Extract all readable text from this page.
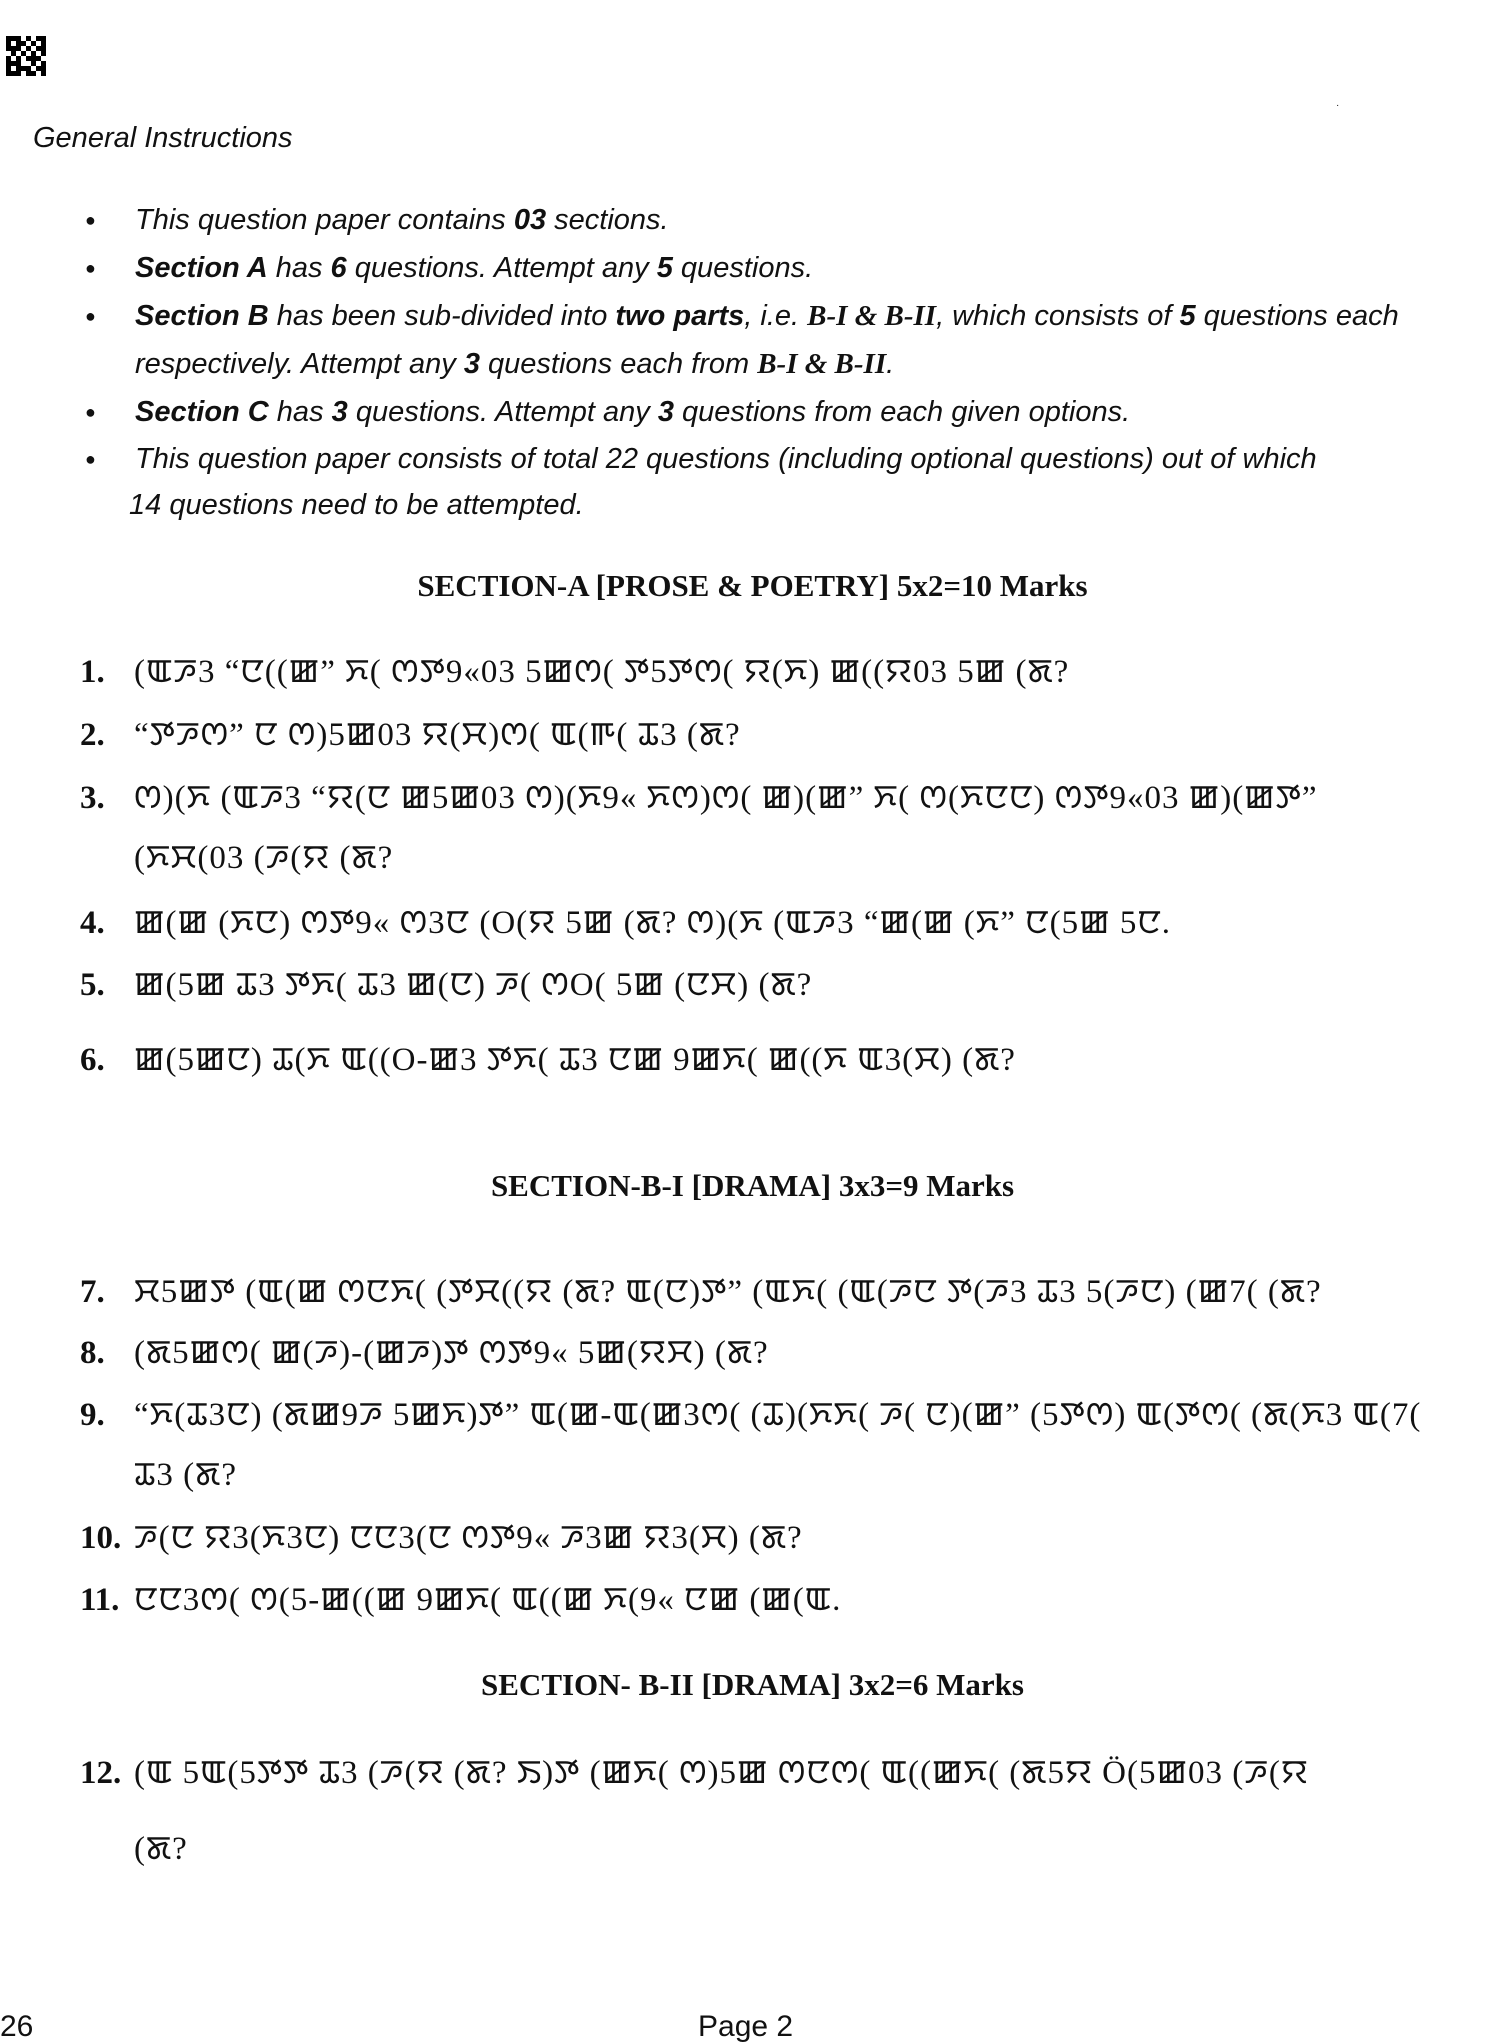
·
General Instructions
● This question paper contains 03 sections.
● Section A has 6 questions. Attempt any 5 questions.
● Section B has been sub-divided into two parts, i.e. B-I & B-II, which consists of 5 questions each
respectively. Attempt any 3 questions each from B-I & B-II.
● Section C has 3 questions. Attempt any 3 questions from each given options.
● This question paper consists of total 22 questions (including optional questions) out of which
14 questions need to be attempted.
SECTION-A [PROSE & POETRY] 5x2=10 Marks
1. (ꯑꯍ3 “ꯅ((ꯀ” ꯈ( ꯁꯇ9«03 5ꯀꯁ( ꯇ5ꯇꯁ( ꯌ(ꯈ) ꯀ((ꯌ03 5ꯀ (ꯗ?
2. “ꯇꯍꯁ” ꯅ ꯁ)5ꯀ03 ꯌ(ꯆ)ꯁ( ꯑ(ꯒ( ꯊ3 (ꯗ?
3. ꯁ)(ꯈ (ꯑꯍ3 “ꯌ(ꯅ ꯀ5ꯀ03 ꯁ)(ꯈ9« ꯈꯁ)ꯁ( ꯀ)(ꯀ” ꯈ( ꯁ(ꯈꯅꯅ) ꯁꯇ9«03 ꯀ)(ꯀꯇ”
(ꯈꯆ(03 (ꯍ(ꯌ (ꯗ?
4. ꯀ(ꯀ (ꯈꯅ) ꯁꯇ9« ꯁ3ꯅ (O(ꯌ 5ꯀ (ꯗ? ꯁ)(ꯈ (ꯑꯍ3 “ꯀ(ꯀ (ꯈ” ꯅ(5ꯀ 5ꯅ.
5. ꯀ(5ꯀ ꯊ3 ꯇꯈ( ꯊ3 ꯀ(ꯅ) ꯍ( ꯁO( 5ꯀ (ꯅꯆ) (ꯗ?
6. ꯀ(5ꯀꯅ) ꯊ(ꯈ ꯑ((O-ꯀ3 ꯇꯈ( ꯊ3 ꯅꯀ 9ꯀꯈ( ꯀ((ꯈ ꯑ3(ꯆ) (ꯗ?
SECTION-B-I [DRAMA] 3x3=9 Marks
7. ꯆ5ꯀꯇ (ꯑ(ꯀ ꯁꯅꯈ( (ꯇꯆ((ꯌ (ꯗ? ꯑ(ꯅ)ꯇ” (ꯑꯈ( (ꯑ(ꯍꯅ ꯇ(ꯍ3 ꯊ3 5(ꯍꯅ) (ꯀ7( (ꯗ?
8. (ꯗ5ꯀꯁ( ꯀ(ꯍ)-(ꯀꯍ)ꯇ ꯁꯇ9« 5ꯀ(ꯌꯆ) (ꯗ?
9. “ꯈ(ꯊ3ꯅ) (ꯗꯀ9ꯍ 5ꯀꯈ)ꯇ” ꯑ(ꯀ-ꯑ(ꯀ3ꯁ( (ꯊ)(ꯈꯈ( ꯍ( ꯅ)(ꯀ” (5ꯇꯁ) ꯑ(ꯇꯁ( (ꯗ(ꯈ3 ꯑ(7(
ꯊ3 (ꯗ?
10. ꯍ(ꯅ ꯌ3(ꯈ3ꯅ) ꯅꯅ3(ꯅ ꯁꯇ9« ꯍ3ꯀ ꯌ3(ꯆ) (ꯗ?
11. ꯅꯅ3ꯁ( ꯁ(5-ꯀ((ꯀ 9ꯀꯈ( ꯑ((ꯀ ꯈ(9« ꯅꯀ (ꯀ(ꯑ.
SECTION- B-II [DRAMA] 3x2=6 Marks
12. (ꯑ 5ꯑ(5ꯇꯇ ꯊ3 (ꯍ(ꯌ (ꯗ? ꯏ)ꯇ (ꯀꯈ( ꯁ)5ꯀ ꯁꯅꯁ( ꯑ((ꯀꯈ( (ꯗ5ꯌ Ö(5ꯀ03 (ꯍ(ꯌ
(ꯗ?
26	Page 2
